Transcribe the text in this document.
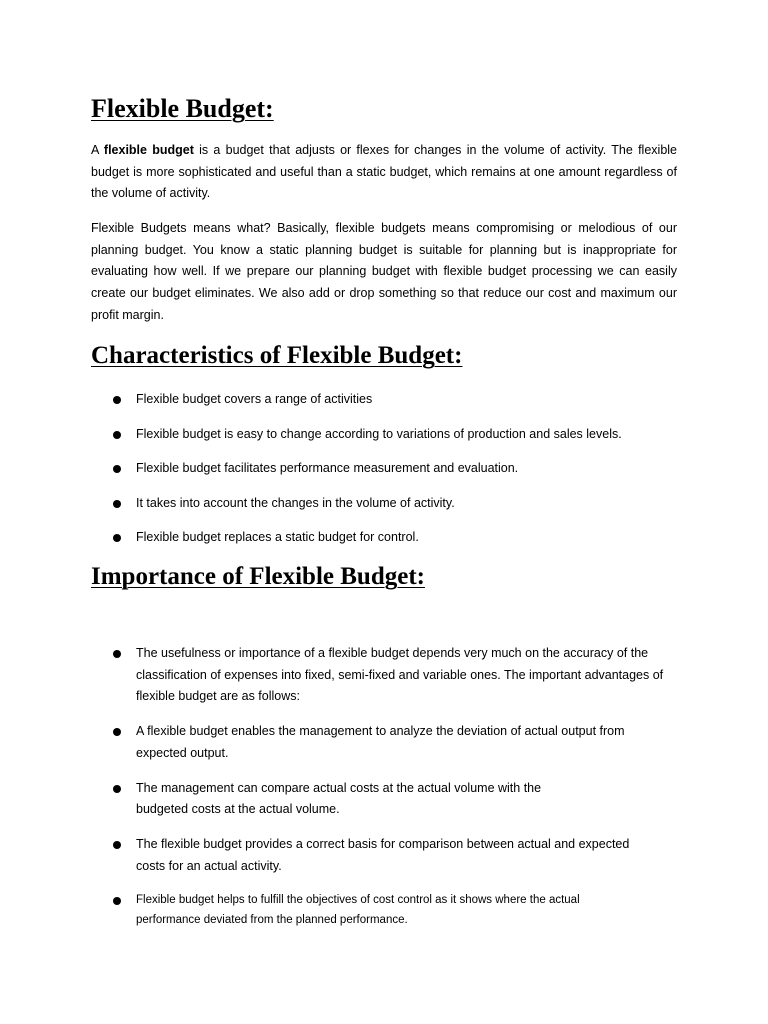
Flexible Budget:

A flexible budget is a budget that adjusts or flexes for changes in the volume of activity. The flexible budget is more sophisticated and useful than a static budget, which remains at one amount regardless of the volume of activity.

Flexible Budgets means what? Basically, flexible budgets means compromising or melodious of our planning budget. You know a static planning budget is suitable for planning but is inappropriate for evaluating how well. If we prepare our planning budget with flexible budget processing we can easily create our budget eliminates. We also add or drop something so that reduce our cost and maximum our profit margin.

Characteristics of Flexible Budget:
Flexible budget covers a range of activities
Flexible budget is easy to change according to variations of production and sales levels.
Flexible budget facilitates performance measurement and evaluation.
It takes into account the changes in the volume of activity.
Flexible budget replaces a static budget for control.
Importance of Flexible Budget:
The usefulness or importance of a flexible budget depends very much on the accuracy of the classification of expenses into fixed, semi-fixed and variable ones. The important advantages of flexible budget are as follows:
A flexible budget enables the management to analyze the deviation of actual output from expected output.
The management can compare actual costs at the actual volume with the budgeted costs at the actual volume.
The flexible budget provides a correct basis for comparison between actual and expected costs for an actual activity.
Flexible budget helps to fulfill the objectives of cost control as it shows where the actual performance deviated from the planned performance.
